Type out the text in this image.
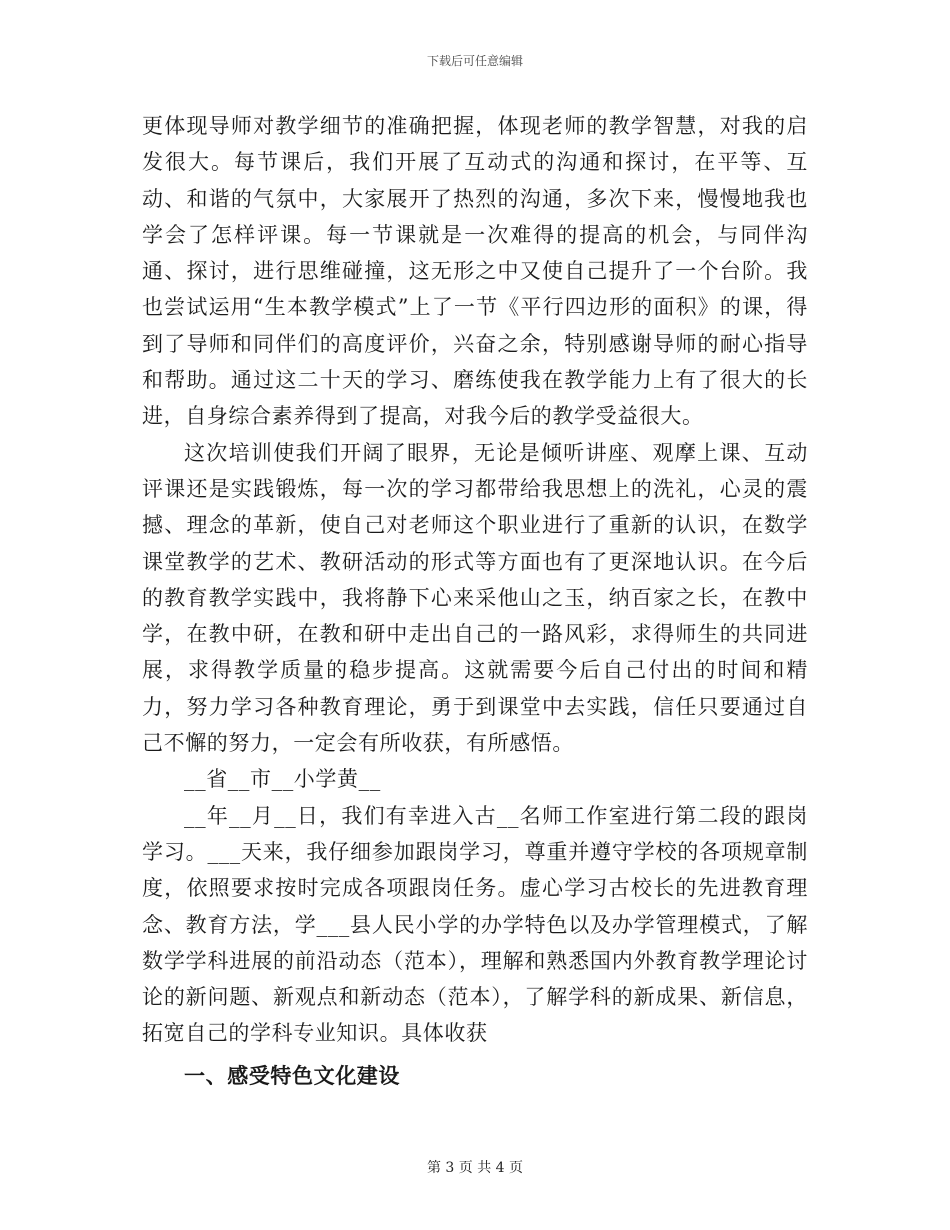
下载后可任意编辑

更体现导师对教学细节的准确把握，体现老师的教学智慧，对我的启发很大。每节课后，我们开展了互动式的沟通和探讨，在平等、互动、和谐的气氛中，大家展开了热烈的沟通，多次下来，慢慢地我也学会了怎样评课。每一节课就是一次难得的提高的机会，与同伴沟通、探讨，进行思维碰撞，这无形之中又使自己提升了一个台阶。我也尝试运用“生本教学模式”上了一节《平行四边形的面积》的课，得到了导师和同伴们的高度评价，兴奋之余，特别感谢导师的耐心指导和帮助。通过这二十天的学习、磨练使我在教学能力上有了很大的长进，自身综合素养得到了提高，对我今后的教学受益很大。

这次培训使我们开阔了眼界，无论是倾听讲座、观摩上课、互动评课还是实践锻炼，每一次的学习都带给我思想上的洗礼，心灵的震撼、理念的革新，使自己对老师这个职业进行了重新的认识，在数学课堂教学的艺术、教研活动的形式等方面也有了更深地认识。在今后的教育教学实践中，我将静下心来采他山之玉，纳百家之长，在教中学，在教中研，在教和研中走出自己的一路风彩，求得师生的共同进展，求得教学质量的稳步提高。这就需要今后自己付出的时间和精力，努力学习各种教育理论，勇于到课堂中去实践，信任只要通过自己不懈的努力，一定会有所收获，有所感悟。

__省__市__小学黄__

__年__月__日，我们有幸进入古__名师工作室进行第二段的跟岗学习。___天来，我仔细参加跟岗学习，尊重并遵守学校的各项规章制度，依照要求按时完成各项跟岗任务。虚心学习古校长的先进教育理念、教育方法，学___县人民小学的办学特色以及办学管理模式，了解数学学科进展的前沿动态（范本），理解和熟悉国内外教育教学理论讨论的新问题、新观点和新动态（范本），了解学科的新成果、新信息，拓宽自己的学科专业知识。具体收获

一、感受特色文化建设

第 3 页 共 4 页
